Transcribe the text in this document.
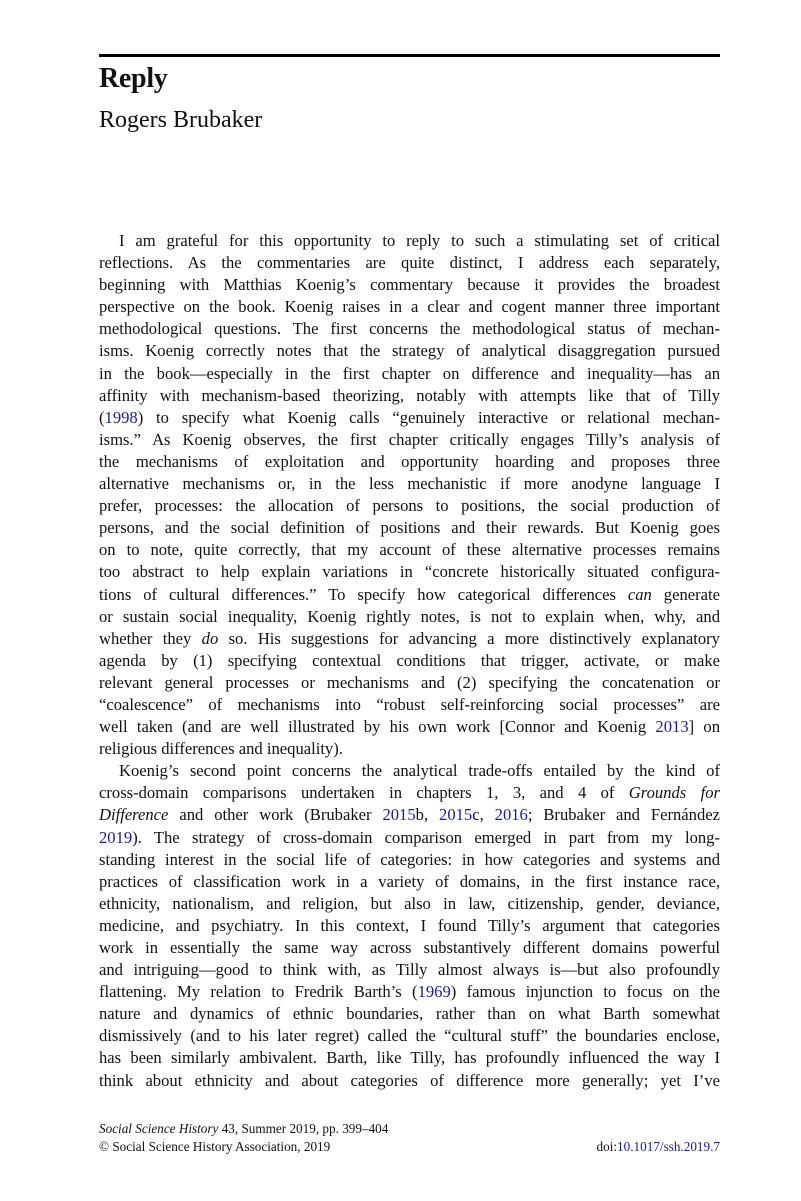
Reply
Rogers Brubaker
I am grateful for this opportunity to reply to such a stimulating set of critical
reflections. As the commentaries are quite distinct, I address each separately,
beginning with Matthias Koenig’s commentary because it provides the broadest
perspective on the book. Koenig raises in a clear and cogent manner three important
methodological questions. The first concerns the methodological status of mechan-
isms. Koenig correctly notes that the strategy of analytical disaggregation pursued
in the book—especially in the first chapter on difference and inequality—has an
affinity with mechanism-based theorizing, notably with attempts like that of Tilly
(1998) to specify what Koenig calls “genuinely interactive or relational mechan-
isms.” As Koenig observes, the first chapter critically engages Tilly’s analysis of
the mechanisms of exploitation and opportunity hoarding and proposes three
alternative mechanisms or, in the less mechanistic if more anodyne language I
prefer, processes: the allocation of persons to positions, the social production of
persons, and the social definition of positions and their rewards. But Koenig goes
on to note, quite correctly, that my account of these alternative processes remains
too abstract to help explain variations in “concrete historically situated configura-
tions of cultural differences.” To specify how categorical differences can generate
or sustain social inequality, Koenig rightly notes, is not to explain when, why, and
whether they do so. His suggestions for advancing a more distinctively explanatory
agenda by (1) specifying contextual conditions that trigger, activate, or make
relevant general processes or mechanisms and (2) specifying the concatenation or
“coalescence” of mechanisms into “robust self-reinforcing social processes” are
well taken (and are well illustrated by his own work [Connor and Koenig 2013] on
religious differences and inequality).
Koenig’s second point concerns the analytical trade-offs entailed by the kind of
cross-domain comparisons undertaken in chapters 1, 3, and 4 of Grounds for
Difference and other work (Brubaker 2015b, 2015c, 2016; Brubaker and Fernández
2019). The strategy of cross-domain comparison emerged in part from my long-
standing interest in the social life of categories: in how categories and systems and
practices of classification work in a variety of domains, in the first instance race,
ethnicity, nationalism, and religion, but also in law, citizenship, gender, deviance,
medicine, and psychiatry. In this context, I found Tilly’s argument that categories
work in essentially the same way across substantively different domains powerful
and intriguing—good to think with, as Tilly almost always is—but also profoundly
flattening. My relation to Fredrik Barth’s (1969) famous injunction to focus on the
nature and dynamics of ethnic boundaries, rather than on what Barth somewhat
dismissively (and to his later regret) called the “cultural stuff” the boundaries enclose,
has been similarly ambivalent. Barth, like Tilly, has profoundly influenced the way I
think about ethnicity and about categories of difference more generally; yet I’ve
Social Science History 43, Summer 2019, pp. 399–404
© Social Science History Association, 2019	doi:10.1017/ssh.2019.7
